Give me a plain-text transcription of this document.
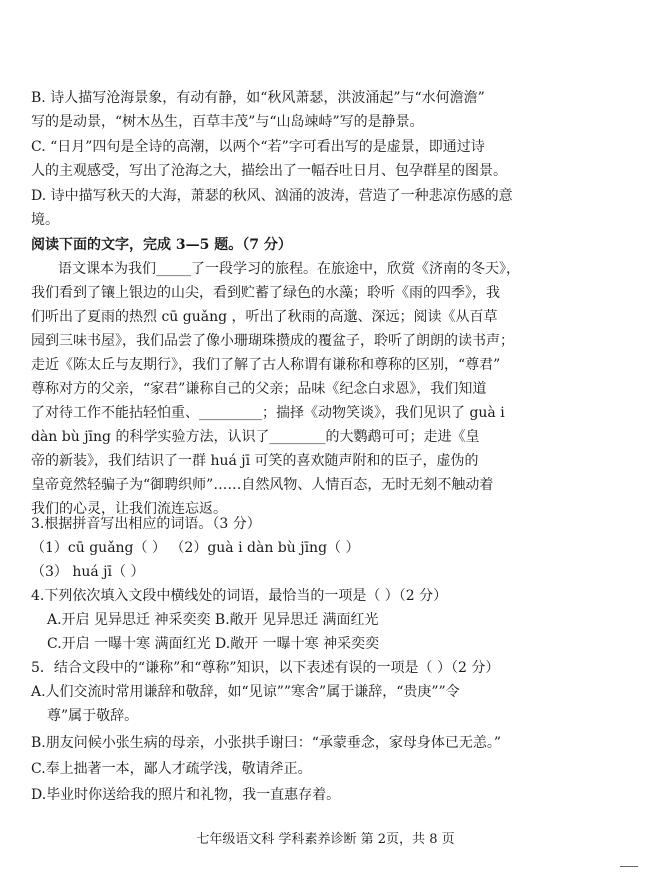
B. 诗人描写沧海景象，有动有静，如“秋风萧瑟，洪波涌起”与“水何澹澹”
写的是动景，“树木丛生，百草丰茂”与“山岛竦峙”写的是静景。
C. “日月”四句是全诗的高潮，以两个“若”字可看出写的是虚景，即通过诗
人的主观感受，写出了沧海之大，描绘出了一幅吞吐日月、包孕群星的图景。
D. 诗中描写秋天的大海，萧瑟的秋风、汹涌的波涛，营造了一种悲凉伤感的意
境。
阅读下面的文字，完成 3—5 题。（7 分）
语文课本为我们_____了一段学习的旅程。在旅途中，欣赏《济南的冬天》，
我们看到了镶上银边的山尖，看到贮蓄了绿色的水藻；聆听《雨的四季》，我
们听出了夏雨的热烈 cū guǎng ，听出了秋雨的高邈、深远；阅读《从百草
园到三味书屋》，我们品尝了像小珊瑚珠攒成的覆盆子，聆听了朗朗的读书声；
走近《陈太丘与友期行》，我们了解了古人称谓有谦称和尊称的区别，“尊君”
尊称对方的父亲，“家君”谦称自己的父亲；品味《纪念白求恩》，我们知道
了对待工作不能拈轻怕重、_________；揣择《动物笑谈》，我们见识了 guà i
dàn bù jīng 的科学实验方法，认识了________的大鹦鹉可可；走进《皇
帝的新装》，我们结识了一群 huá jī 可笑的喜欢随声附和的臣子，虚伪的
皇帝竟然轻骗子为“御聘织师”……自然风物、人情百态，无时无刻不触动着
我们的心灵，让我们流连忘返。
3.根据拼音写出相应的词语。（3 分）
（1）cū guǎng（ ） （2）guà i dàn bù jīng（ ）
（3） huá jī（ ）
4.下列依次填入文段中横线处的词语，最恰当的一项是（ ）（2 分）
A.开启 见异思迁 神采奕奕 B.敞开 见异思迁 满面红光
C.开启 一曝十寒 满面红光 D.敞开 一曝十寒 神采奕奕
5．结合文段中的“谦称”和“尊称”知识，以下表述有误的一项是（ ）（2 分）
A.人们交流时常用谦辞和敬辞，如“见谅””寒舍”属于谦辞，“贵庚””令
尊”属于敬辞。
B.朋友问候小张生病的母亲，小张拱手谢曰：“承蒙垂念，家母身体已无恙。”
C.奉上拙著一本，鄙人才疏学浅，敬请斧正。
D.毕业时你送给我的照片和礼物，我一直惠存着。
七年级语文科 学科素养诊断 第 2页，共 8 页
